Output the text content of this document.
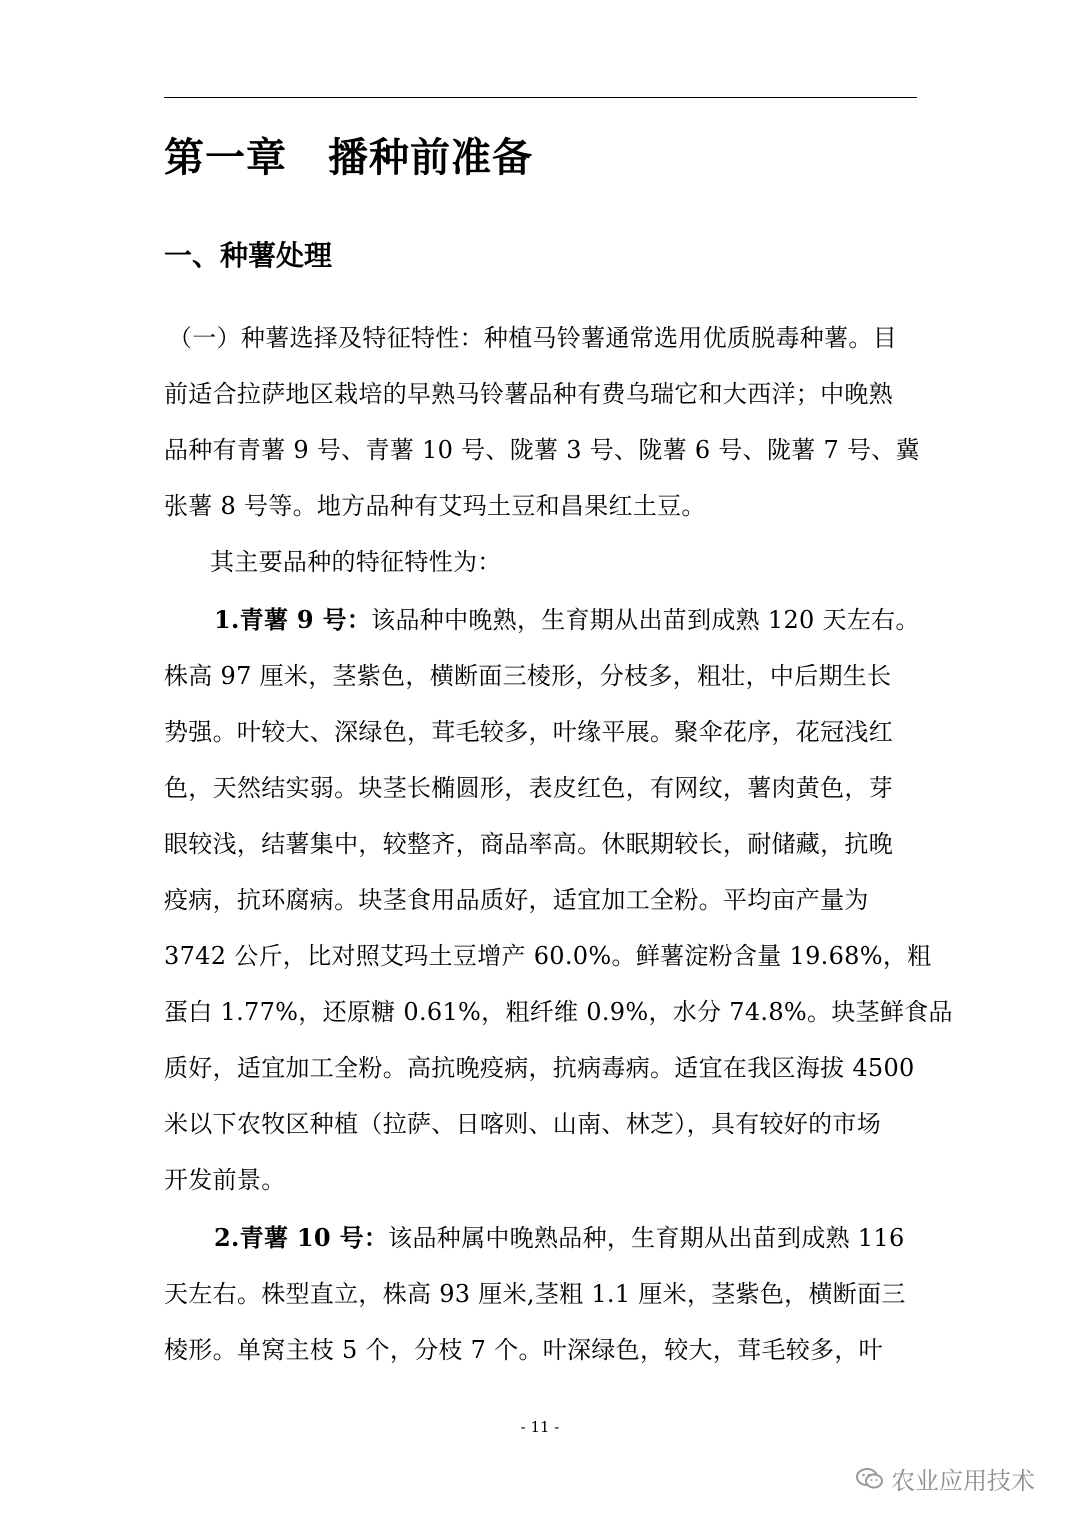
第一章　播种前准备
一、种薯处理
（一）种薯选择及特征特性：种植马铃薯通常选用优质脱毒种薯。目
前适合拉萨地区栽培的早熟马铃薯品种有费乌瑞它和大西洋；中晚熟
品种有青薯 9 号、青薯 10 号、陇薯 3 号、陇薯 6 号、陇薯 7 号、冀
张薯 8 号等。地方品种有艾玛土豆和昌果红土豆。
其主要品种的特征特性为：
1.青薯 9 号：该品种中晚熟，生育期从出苗到成熟 120 天左右。
株高 97 厘米，茎紫色，横断面三棱形，分枝多，粗壮，中后期生长
势强。叶较大、深绿色，茸毛较多，叶缘平展。聚伞花序，花冠浅红
色，天然结实弱。块茎长椭圆形，表皮红色，有网纹，薯肉黄色，芽
眼较浅，结薯集中，较整齐，商品率高。休眠期较长，耐储藏，抗晚
疫病，抗环腐病。块茎食用品质好，适宜加工全粉。平均亩产量为
3742 公斤，比对照艾玛土豆增产 60.0%。鲜薯淀粉含量 19.68%，粗
蛋白 1.77%，还原糖 0.61%，粗纤维 0.9%，水分 74.8%。块茎鲜食品
质好，适宜加工全粉。高抗晚疫病，抗病毒病。适宜在我区海拔 4500
米以下农牧区种植（拉萨、日喀则、山南、林芝），具有较好的市场
开发前景。
2.青薯 10 号：该品种属中晚熟品种，生育期从出苗到成熟 116
天左右。株型直立，株高 93 厘米,茎粗 1.1 厘米，茎紫色，横断面三
棱形。单窝主枝 5 个，分枝 7 个。叶深绿色，较大，茸毛较多，叶
- 11 -
农业应用技术
